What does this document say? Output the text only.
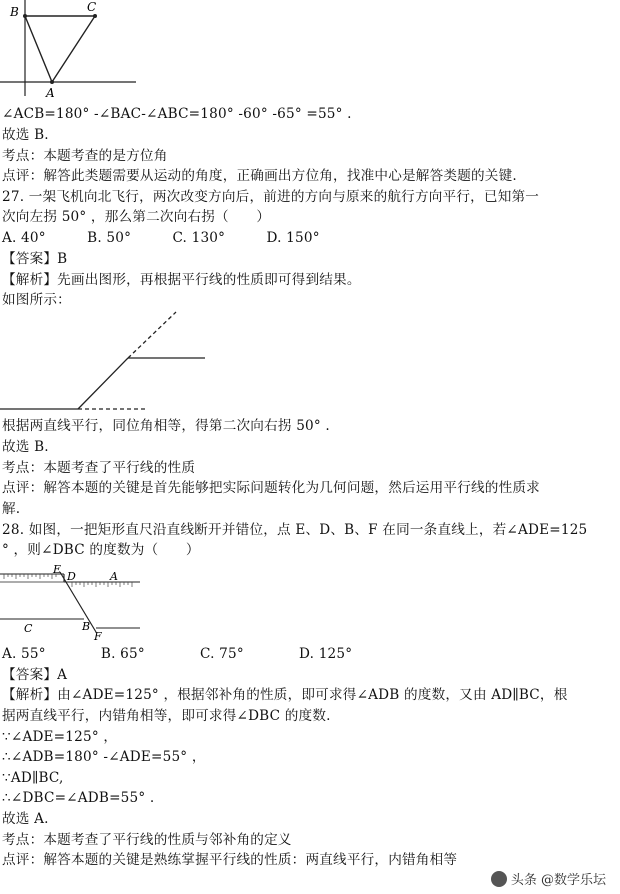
B	C
A
∠ACB=180° -∠BAC-∠ABC=180° -60° -65° =55° .
故选 B.
考点：本题考查的是方位角
点评：解答此类题需要从运动的角度，正确画出方位角，找准中心是解答类题的关键.
27. 一架飞机向北飞行，两次改变方向后，前进的方向与原来的航行方向平行，已知第一
次向左拐 50° ，那么第二次向右拐（　　）
A. 40°　　　B. 50°　　　C. 130°　　　D. 150°
【答案】B
【解析】先画出图形，再根据平行线的性质即可得到结果。
如图所示：
根据两直线平行，同位角相等，得第二次向右拐 50° .
故选 B.
考点：本题考查了平行线的性质
点评：解答本题的关键是首先能够把实际问题转化为几何问题，然后运用平行线的性质求
解.
28. 如图，一把矩形直尺沿直线断开并错位，点 E、D、B、F 在同一条直线上，若∠ADE=125
° ，则∠DBC 的度数为（　　）
E
D	A
C	B
F
A. 55°　　　　B. 65°　　　　C. 75°　　　　D. 125°
【答案】A
【解析】由∠ADE=125° ，根据邻补角的性质，即可求得∠ADB 的度数，又由 AD∥BC，根
据两直线平行，内错角相等，即可求得∠DBC 的度数.
∵∠ADE=125° ，
∴∠ADB=180° -∠ADE=55° ，
∵AD∥BC,
∴∠DBC=∠ADB=55° .
故选 A.
考点：本题考查了平行线的性质与邻补角的定义
点评：解答本题的关键是熟练掌握平行线的性质：两直线平行，内错角相等
头条 @数学乐坛
